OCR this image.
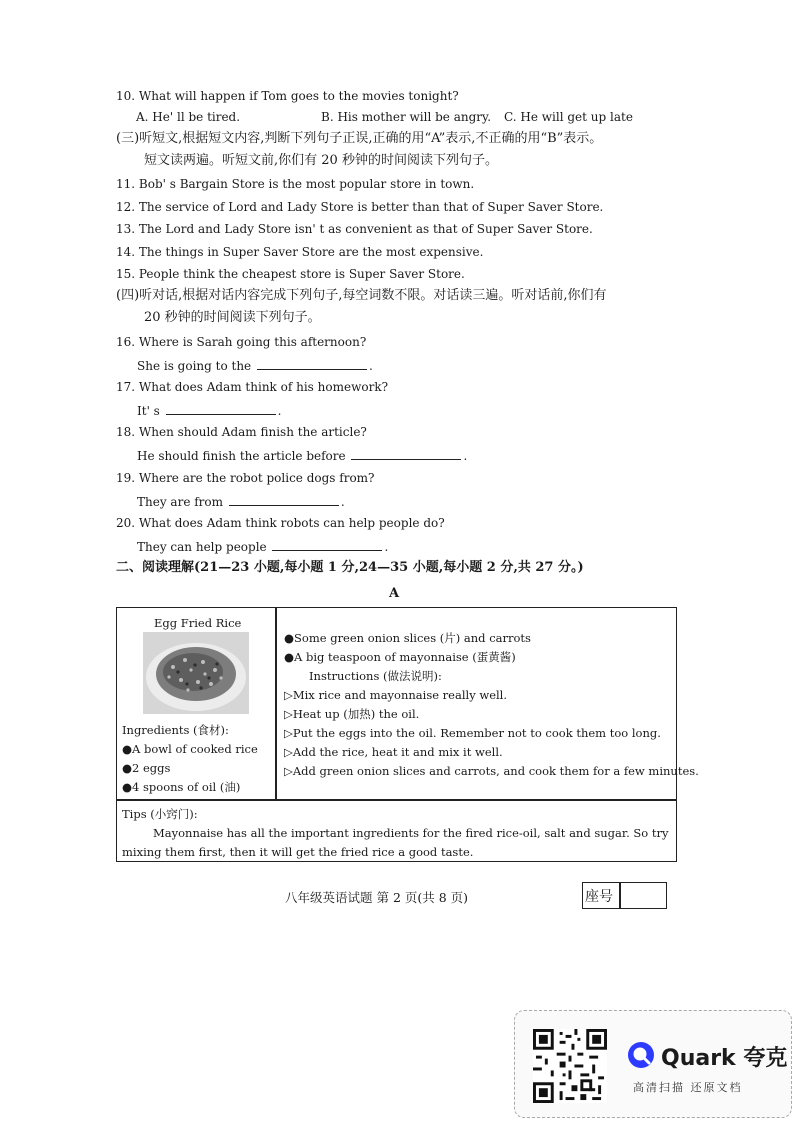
10. What will happen if Tom goes to the movies tonight?
A. He' ll be tired.	B. His mother will be angry. C. He will get up late
(三)听短文,根据短文内容,判断下列句子正误,正确的用“A”表示,不正确的用“B”表示。
短文读两遍。听短文前,你们有 20 秒钟的时间阅读下列句子。
11. Bob' s Bargain Store is the most popular store in town.
12. The service of Lord and Lady Store is better than that of Super Saver Store.
13. The Lord and Lady Store isn' t as convenient as that of Super Saver Store.
14. The things in Super Saver Store are the most expensive.
15. People think the cheapest store is Super Saver Store.
(四)听对话,根据对话内容完成下列句子,每空词数不限。对话读三遍。听对话前,你们有
20 秒钟的时间阅读下列句子。
16. Where is Sarah going this afternoon?
She is going to the	.
17. What does Adam think of his homework?
It' s	.
18. When should Adam finish the article?
He should finish the article before	.
19. Where are the robot police dogs from?
They are from	.
20. What does Adam think robots can help people do?
They can help people	.
二、阅读理解(21—23 小题,每小题 1 分,24—35 小题,每小题 2 分,共 27 分。)
A
Egg Fried Rice
Ingredients (食材):
●A bowl of cooked rice
●2 eggs
●4 spoons of oil (油)
●Some green onion slices (片) and carrots
●A big teaspoon of mayonnaise (蛋黄酱)
Instructions (做法说明):
▷Mix rice and mayonnaise really well.
▷Heat up (加热) the oil.
▷Put the eggs into the oil. Remember not to cook them too long.
▷Add the rice, heat it and mix it well.
▷Add green onion slices and carrots, and cook them for a few minutes.
Tips (小窍门):
Mayonnaise has all the important ingredients for the fired rice-oil, salt and sugar. So try
mixing them first, then it will get the fried rice a good taste.
八年级英语试题 第 2 页(共 8 页)	座号
Quark 夸克
高清扫描 还原文档
